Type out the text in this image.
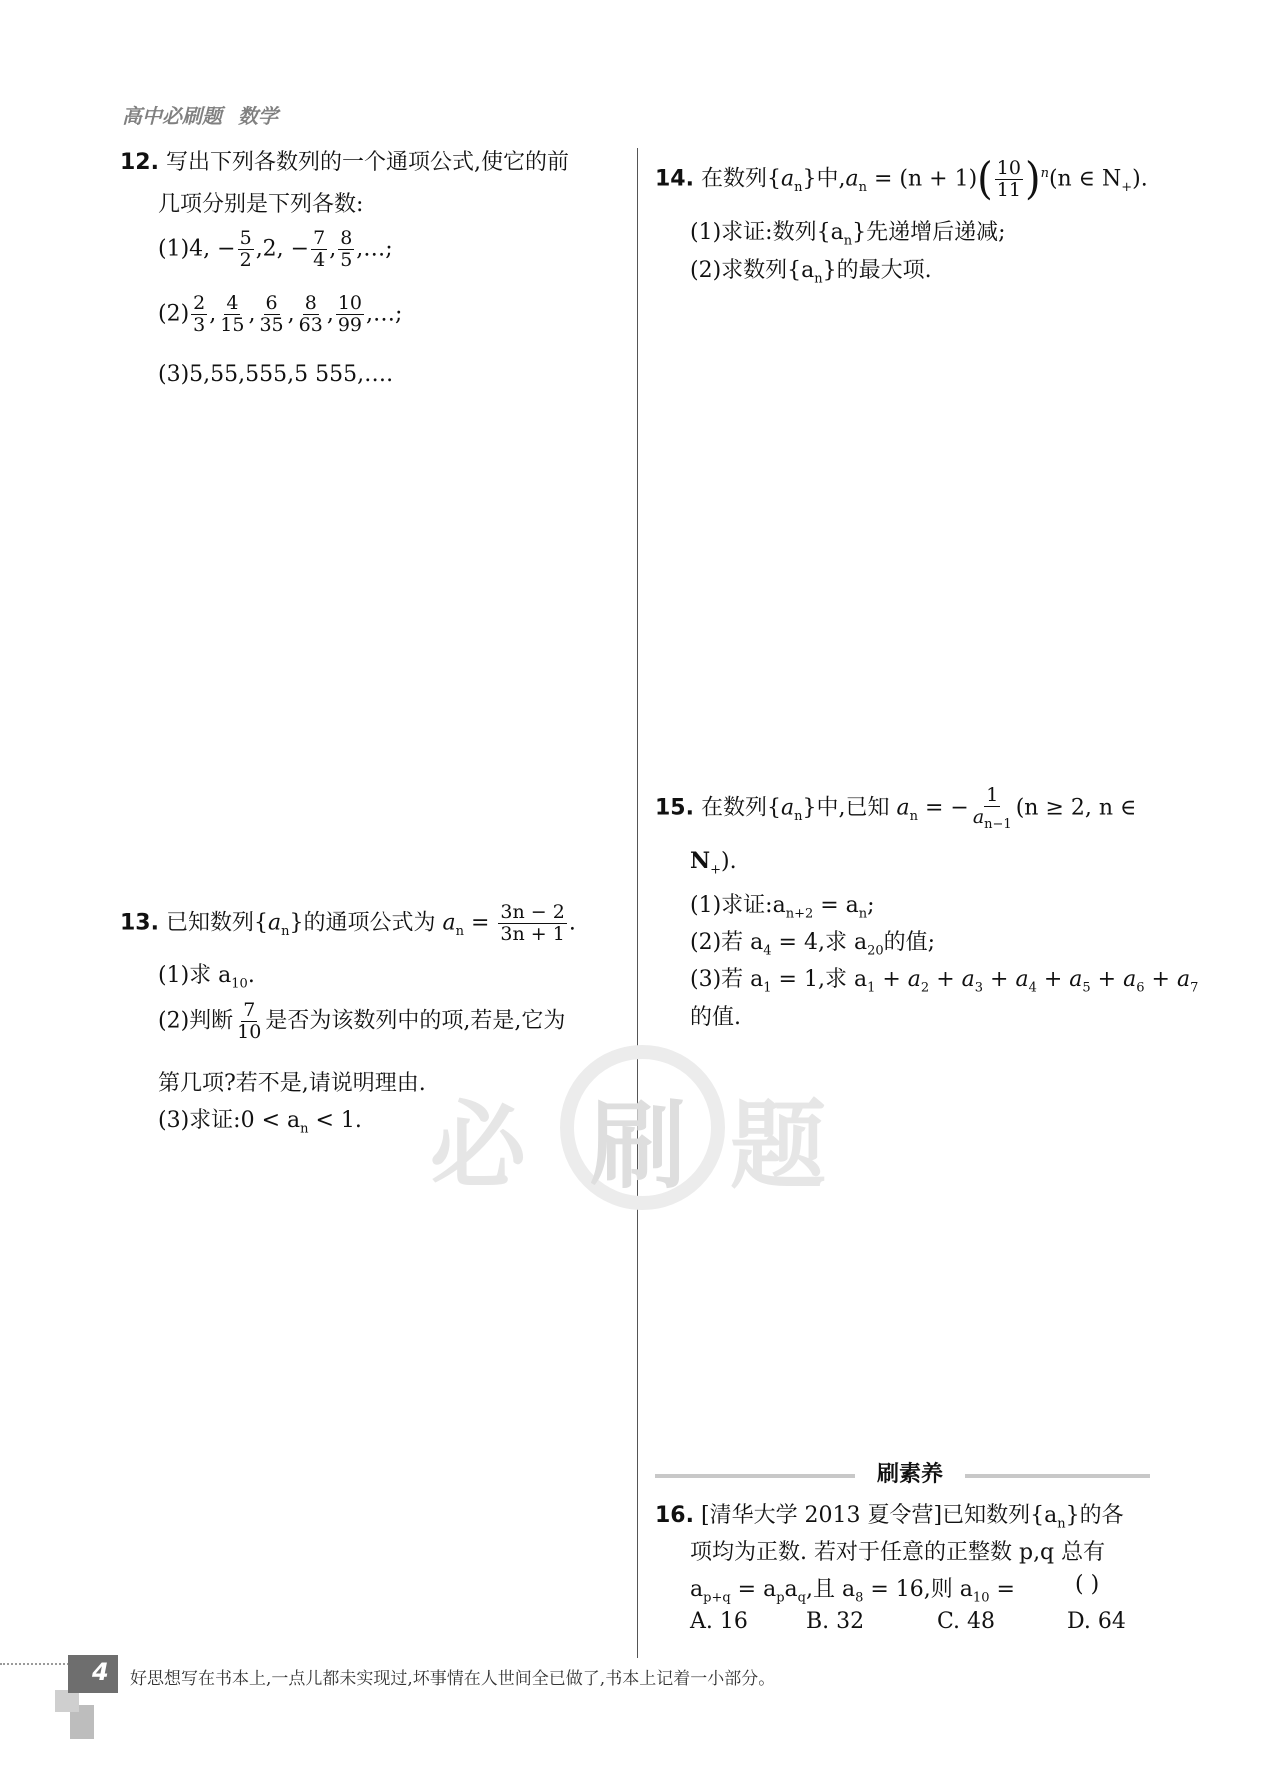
高中必刷题 数学
必 刷 题
12. 写出下列各数列的一个通项公式,使它的前
几项分别是下列各数:
(1)4, − $\frac{5}{2} ,2$, − $\frac{7}{4}$ , $\frac{8}{5}$ ,…;
$(2) \frac{2}{3}$ , $\frac{4}{15}$ , $\frac{6}{35}$ , $\frac{8}{63}$ , $\frac{10}{99}$ ,…;
(3)5,55,555,5 555,….
13. 已知数列$\{a_n\}$的通项公式为 $a_n = \frac{3n - 2}{3n + 1}$ .
(1)求 $a_{10}$.
(2)判断 $\frac{7}{10}$ 是否为该数列中的项,若是,它为
第几项?若不是,请说明理由.
(3)求证:0 < $a_n < 1$.
14. 在数列$\{a_n\}$中$,a_n = (n + 1)( \frac{10}{11} )^n(n$ ∈ $N_+$).
(1)求证:数列$\{a_n\}$先递增后递减;
(2)求数列$\{a_n\}$的最大项.
15. 在数列$\{a_n\}$中,已知 $a_n$ = − $\frac{1}{a_{n-1}} (n \ge 2$, n ∈
$N_+$).
(1)求证$:a_{n+2} = a_n$;
(2)若 $a_4 = 4$,求 $a_{20}$的值;
(3)若 $a_1 = 1$,求 $a_1 + a_2 + a_3 + a_4 + a_5 + a_6 + a_7$
的值.
刷素养
16. [清华大学 2013 夏令营]已知数列$\{a_n\}$的各
项均为正数. 若对于任意的正整数 p,q 总有
$a_{p+q} = a_pa_q$,且 $a_8 = 16$,则 $a_{10}$ =	( )
A. 16	B. 32	C. 48	D. 64
4 好思想写在书本上,一点儿都未实现过,坏事情在人世间全已做了,书本上记着一小部分。
